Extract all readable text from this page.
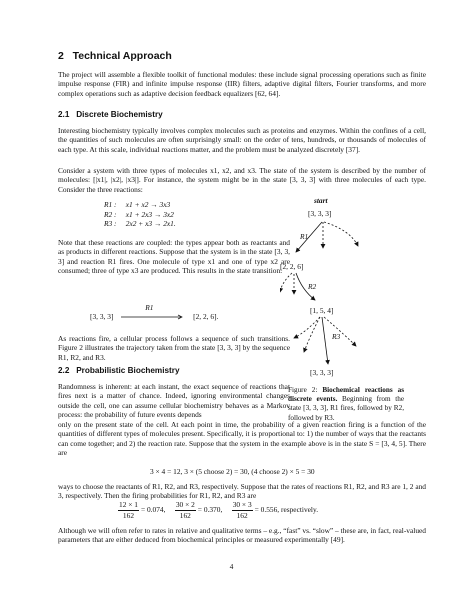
2 Technical Approach
The project will assemble a flexible toolkit of functional modules: these include signal processing operations such as finite impulse response (FIR) and infinite impulse response (IIR) filters, adaptive digital filters, Fourier transforms, and more complex operations such as adaptive decision feedback equalizers [62, 64].
2.1 Discrete Biochemistry
Interesting biochemistry typically involves complex molecules such as proteins and enzymes. Within the confines of a cell, the quantities of such molecules are often surprisingly small: on the order of tens, hundreds, or thousands of molecules of each type. At this scale, individual reactions matter, and the problem must be analyzed discretely [37].
Consider a system with three types of molecules x1, x2, and x3. The state of the system is described by the number of molecules: [|x1|, |x2|, |x3|]. For instance, the system might be in the state [3, 3, 3] with three molecules of each type. Consider the three reactions:
R1 : x1 + x2 → 3x3
R2 : x1 + 2x3 → 3x2
R3 : 2x2 + x3 → 2x1.
Note that these reactions are coupled: the types appear both as reactants and as products in different reactions. Suppose that the system is in the state [3, 3, 3] and reaction R1 fires. One molecule of type x1 and one of type x2 are consumed; three of type x3 are produced. This results in the state transition:
[3, 3, 3]
R1
[2, 2, 6].
As reactions fire, a cellular process follows a sequence of such transitions. Figure 2 illustrates the trajectory taken from the state [3, 3, 3] by the sequence R1, R2, and R3.
start
[3, 3, 3]
R1
[2, 2, 6]
R2
[1, 5, 4]
R3
[3, 3, 3]
Figure 2: Biochemical reactions as discrete events. Beginning from the state [3, 3, 3], R1 fires, followed by R2, followed by R3.
2.2 Probabilistic Biochemistry
Randomness is inherent: at each instant, the exact sequence of reactions that fires next is a matter of chance. Indeed, ignoring environmental changes outside the cell, one can assume cellular biochemistry behaves as a Markov process: the probability of future events depends
only on the present state of the cell. At each point in time, the probability of a given reaction firing is a function of the quantities of different types of molecules present. Specifically, it is proportional to: 1) the number of ways that the reactants can come together; and 2) the reaction rate. Suppose that the system in the example above is in the state S = [3, 4, 5]. There are
3 × 4 = 12, 3 × (5 choose 2) = 30, (4 choose 2) × 5 = 30
ways to choose the reactants of R1, R2, and R3, respectively. Suppose that the rates of reactions R1, R2, and R3 are 1, 2 and 3, respectively. Then the firing probabilities for R1, R2, and R3 are
$\frac{12 \times 1}{162} = 0.074$, $\frac{30 \times 2}{162} = 0.370$, $\frac{30 \times 3}{162} = 0.556$, respectively.
Although we will often refer to rates in relative and qualitative terms – e.g., “fast” vs. “slow” – these are, in fact, real-valued parameters that are either deduced from biochemical principles or measured experimentally [49].
4
